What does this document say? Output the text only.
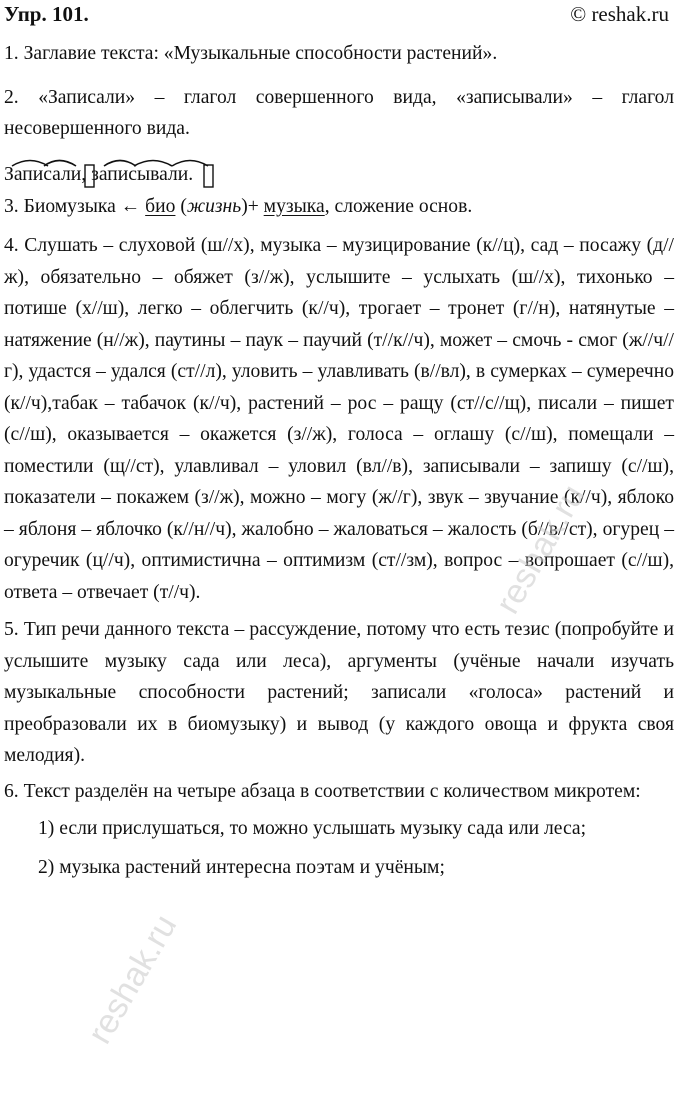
Упр. 101.	© reshak.ru

1. Заглавие текста: «Музыкальные способности растений».

2. «Записали» – глагол совершенного вида, «записывали» – глагол несовершенного вида.

Записали, записывали.

3. Биомузыка ← био (жизнь)+ музыка, сложение основ.

4. Слушать – слуховой (ш//х), музыка – музицирование (к//ц), сад – посажу (д//ж), обязательно – обяжет (з//ж), услышите – услыхать (ш//х), тихонько – потише (х//ш), легко – облегчить (к//ч), трогает – тронет (г//н), натянутые – натяжение (н//ж), паутины – паук – паучий (т//к//ч), может – смочь - смог (ж//ч//г), удастся – удался (ст//л), уловить – улавливать (в//вл), в сумерках – сумеречно (к//ч),табак – табачок (к//ч), растений – рос – ращу (ст//с//щ), писали – пишет (с//ш), оказывается – окажется (з//ж), голоса – оглашу (с//ш), помещали – поместили (щ//ст), улавливал – уловил (вл//в), записывали – запишу (с//ш), показатели – покажем (з//ж), можно – могу (ж//г), звук – звучание (к//ч), яблоко – яблоня – яблочко (к//н//ч), жалобно – жаловаться – жалость (б//в//ст), огурец – огуречик (ц//ч), оптимистична – оптимизм (ст//зм), вопрос – вопрошает (с//ш), ответа – отвечает (т//ч).

5. Тип речи данного текста – рассуждение, потому что есть тезис (попробуйте и услышите музыку сада или леса), аргументы (учёные начали изучать музыкальные способности растений; записали «голоса» растений и преобразовали их в биомузыку) и вывод (у каждого овоща и фрукта своя мелодия).

6. Текст разделён на четыре абзаца в соответствии с количеством микротем:

1) если прислушаться, то можно услышать музыку сада или леса;
2) музыка растений интересна поэтам и учёным;
reshak.ru
reshak.ru
